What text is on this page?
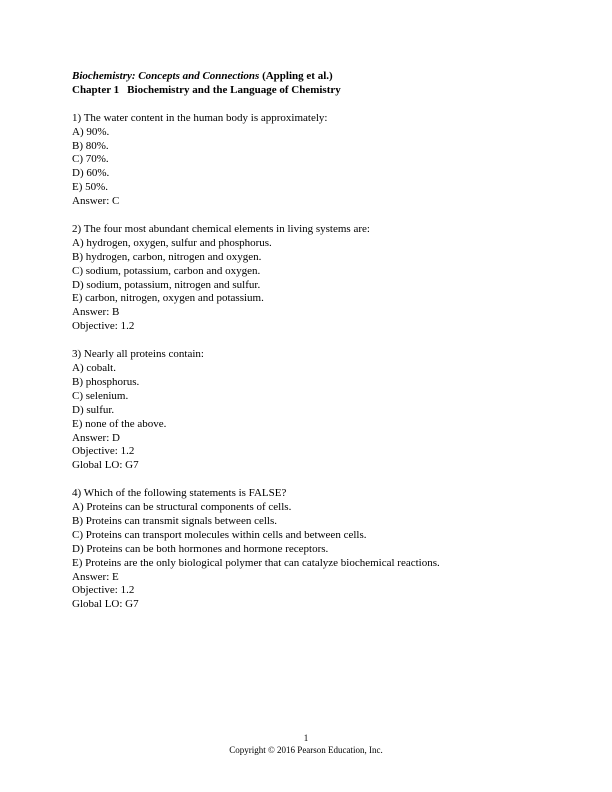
Biochemistry: Concepts and Connections (Appling et al.)
Chapter 1 Biochemistry and the Language of Chemistry
1) The water content in the human body is approximately:
A) 90%.
B) 80%.
C) 70%.
D) 60%.
E) 50%.
Answer: C
2) The four most abundant chemical elements in living systems are:
A) hydrogen, oxygen, sulfur and phosphorus.
B) hydrogen, carbon, nitrogen and oxygen.
C) sodium, potassium, carbon and oxygen.
D) sodium, potassium, nitrogen and sulfur.
E) carbon, nitrogen, oxygen and potassium.
Answer: B
Objective: 1.2
3) Nearly all proteins contain:
A) cobalt.
B) phosphorus.
C) selenium.
D) sulfur.
E) none of the above.
Answer: D
Objective: 1.2
Global LO: G7
4) Which of the following statements is FALSE?
A) Proteins can be structural components of cells.
B) Proteins can transmit signals between cells.
C) Proteins can transport molecules within cells and between cells.
D) Proteins can be both hormones and hormone receptors.
E) Proteins are the only biological polymer that can catalyze biochemical reactions.
Answer: E
Objective: 1.2
Global LO: G7
1
Copyright © 2016 Pearson Education, Inc.
